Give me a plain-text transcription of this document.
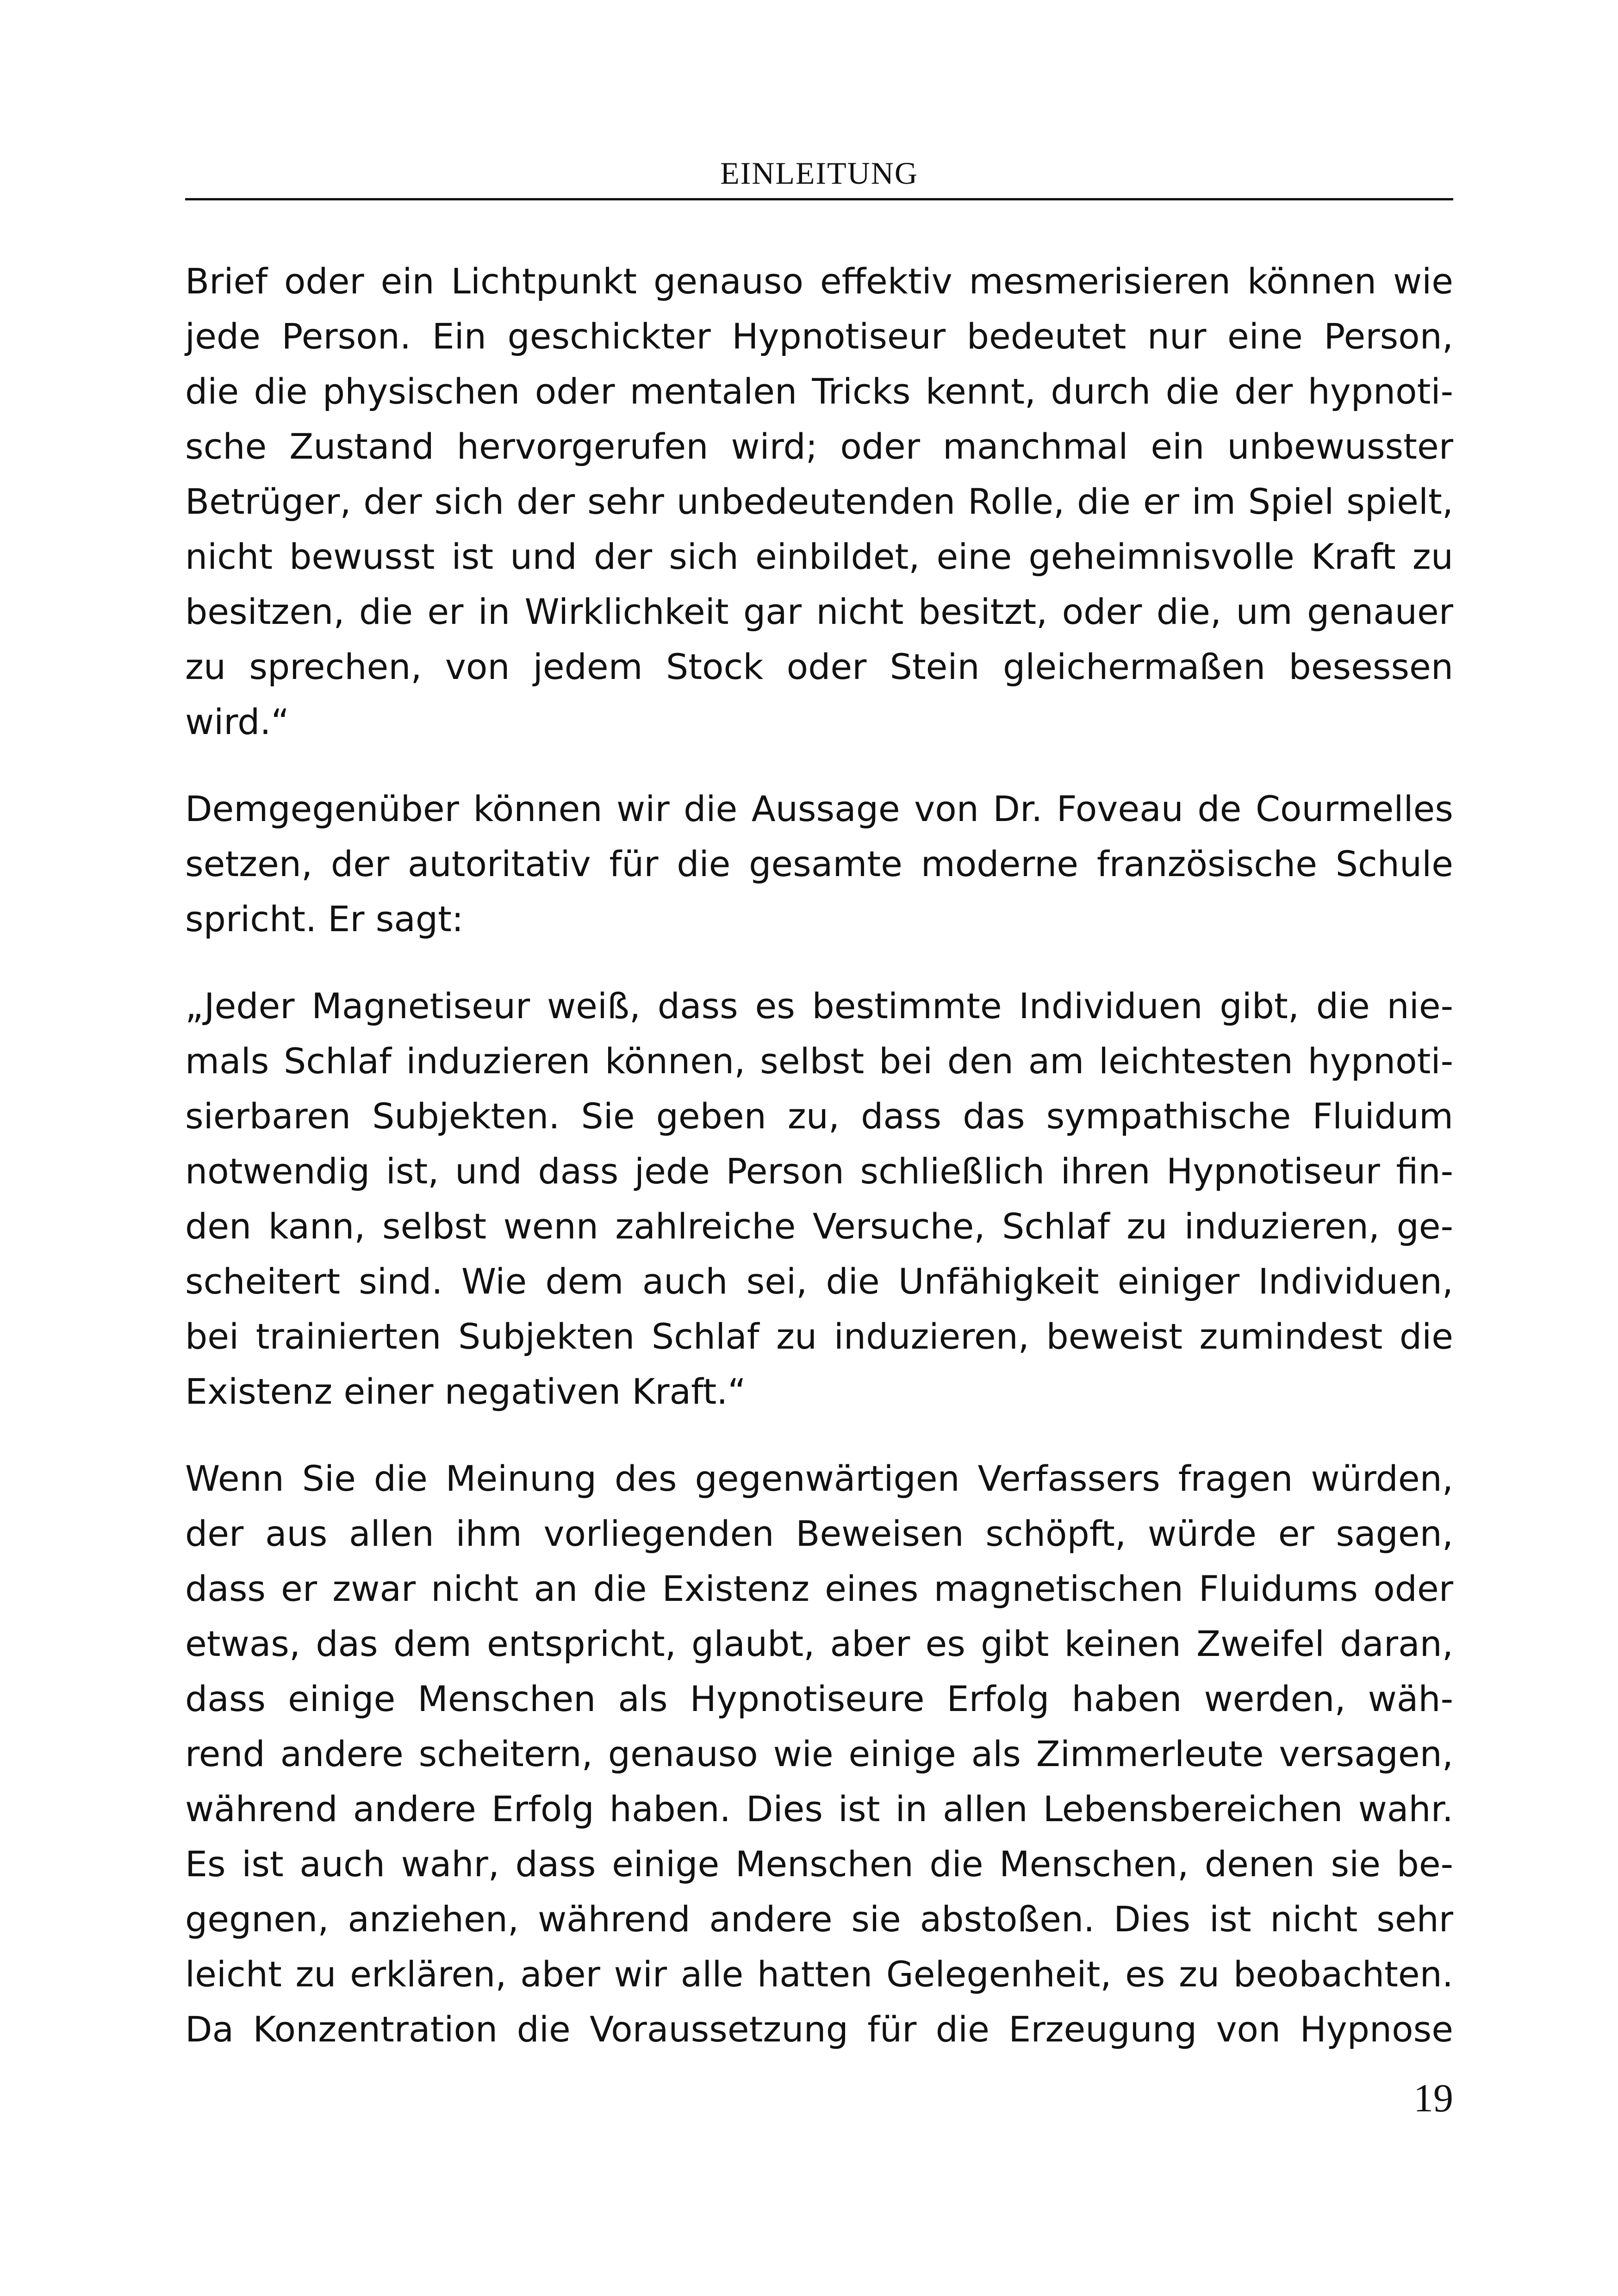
EINLEITUNG

Brief oder ein Lichtpunkt genauso effektiv mesmerisieren können wie
jede Person. Ein geschickter Hypnotiseur bedeutet nur eine Person,
die die physischen oder mentalen Tricks kennt, durch die der hypnoti-
sche Zustand hervorgerufen wird; oder manchmal ein unbewusster
Betrüger, der sich der sehr unbedeutenden Rolle, die er im Spiel spielt,
nicht bewusst ist und der sich einbildet, eine geheimnisvolle Kraft zu
besitzen, die er in Wirklichkeit gar nicht besitzt, oder die, um genauer
zu sprechen, von jedem Stock oder Stein gleichermaßen besessen
wird.“

Demgegenüber können wir die Aussage von Dr. Foveau de Courmelles
setzen, der autoritativ für die gesamte moderne französische Schule
spricht. Er sagt:

„Jeder Magnetiseur weiß, dass es bestimmte Individuen gibt, die nie-
mals Schlaf induzieren können, selbst bei den am leichtesten hypnoti-
sierbaren Subjekten. Sie geben zu, dass das sympathische Fluidum
notwendig ist, und dass jede Person schließlich ihren Hypnotiseur fin-
den kann, selbst wenn zahlreiche Versuche, Schlaf zu induzieren, ge-
scheitert sind. Wie dem auch sei, die Unfähigkeit einiger Individuen,
bei trainierten Subjekten Schlaf zu induzieren, beweist zumindest die
Existenz einer negativen Kraft.“

Wenn Sie die Meinung des gegenwärtigen Verfassers fragen würden,
der aus allen ihm vorliegenden Beweisen schöpft, würde er sagen,
dass er zwar nicht an die Existenz eines magnetischen Fluidums oder
etwas, das dem entspricht, glaubt, aber es gibt keinen Zweifel daran,
dass einige Menschen als Hypnotiseure Erfolg haben werden, wäh-
rend andere scheitern, genauso wie einige als Zimmerleute versagen,
während andere Erfolg haben. Dies ist in allen Lebensbereichen wahr.
Es ist auch wahr, dass einige Menschen die Menschen, denen sie be-
gegnen, anziehen, während andere sie abstoßen. Dies ist nicht sehr
leicht zu erklären, aber wir alle hatten Gelegenheit, es zu beobachten.
Da Konzentration die Voraussetzung für die Erzeugung von Hypnose

19
